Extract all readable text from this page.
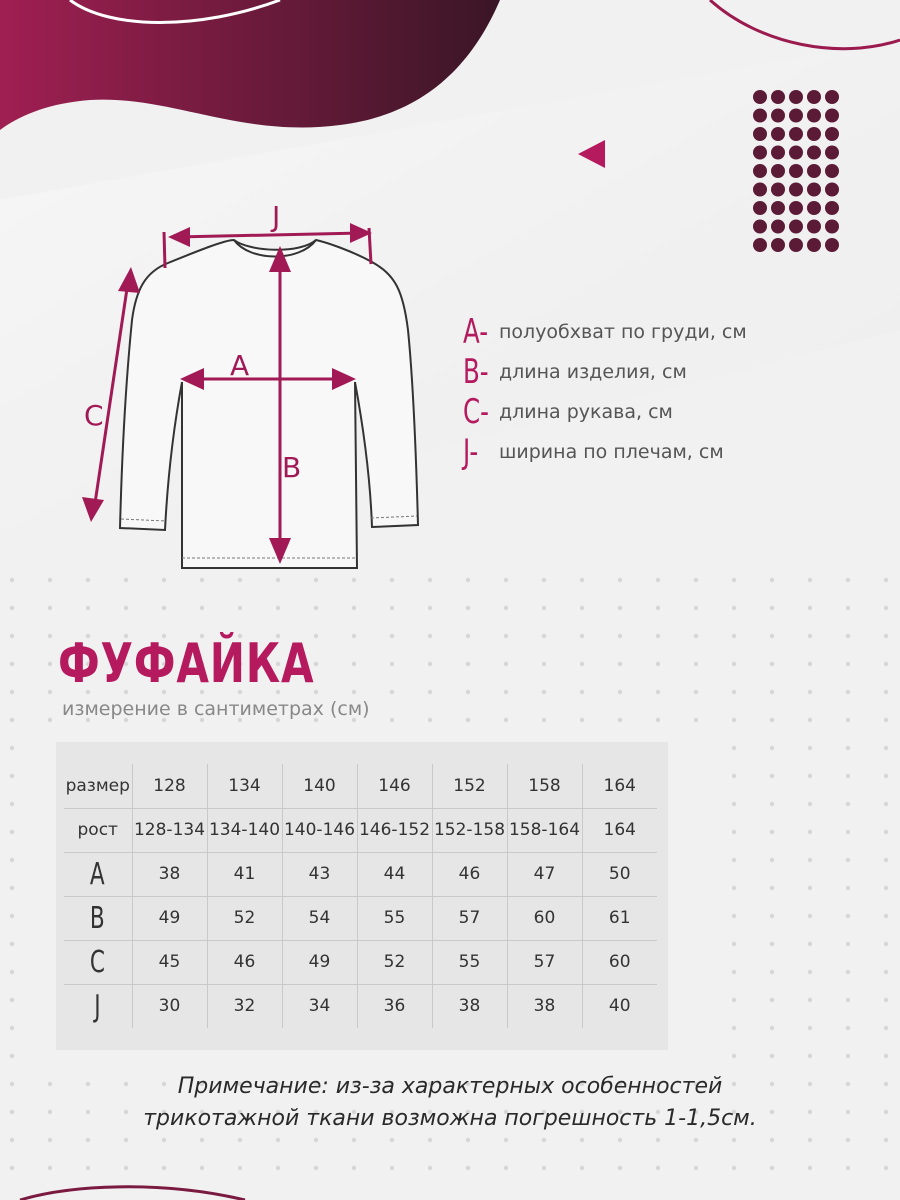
J
A
B
C
A- полуобхват по груди, см
B- длина изделия, см
C- длина рукава, см
J-	ширина по плечам, см
ФУФАЙКА
измерение в сантиметрах (см)
размер	128	134	140	146	152	158	164
рост	128-134	134-140	140-146	146-152	152-158	158-164	164
A	38	41	43	44	46	47	50
B	49	52	54	55	57	60	61
C	45	46	49	52	55	57	60
J	30	32	34	36	38	38	40
Примечание: из-за характерных особенностей
трикотажной ткани возможна погрешность 1-1,5см.
